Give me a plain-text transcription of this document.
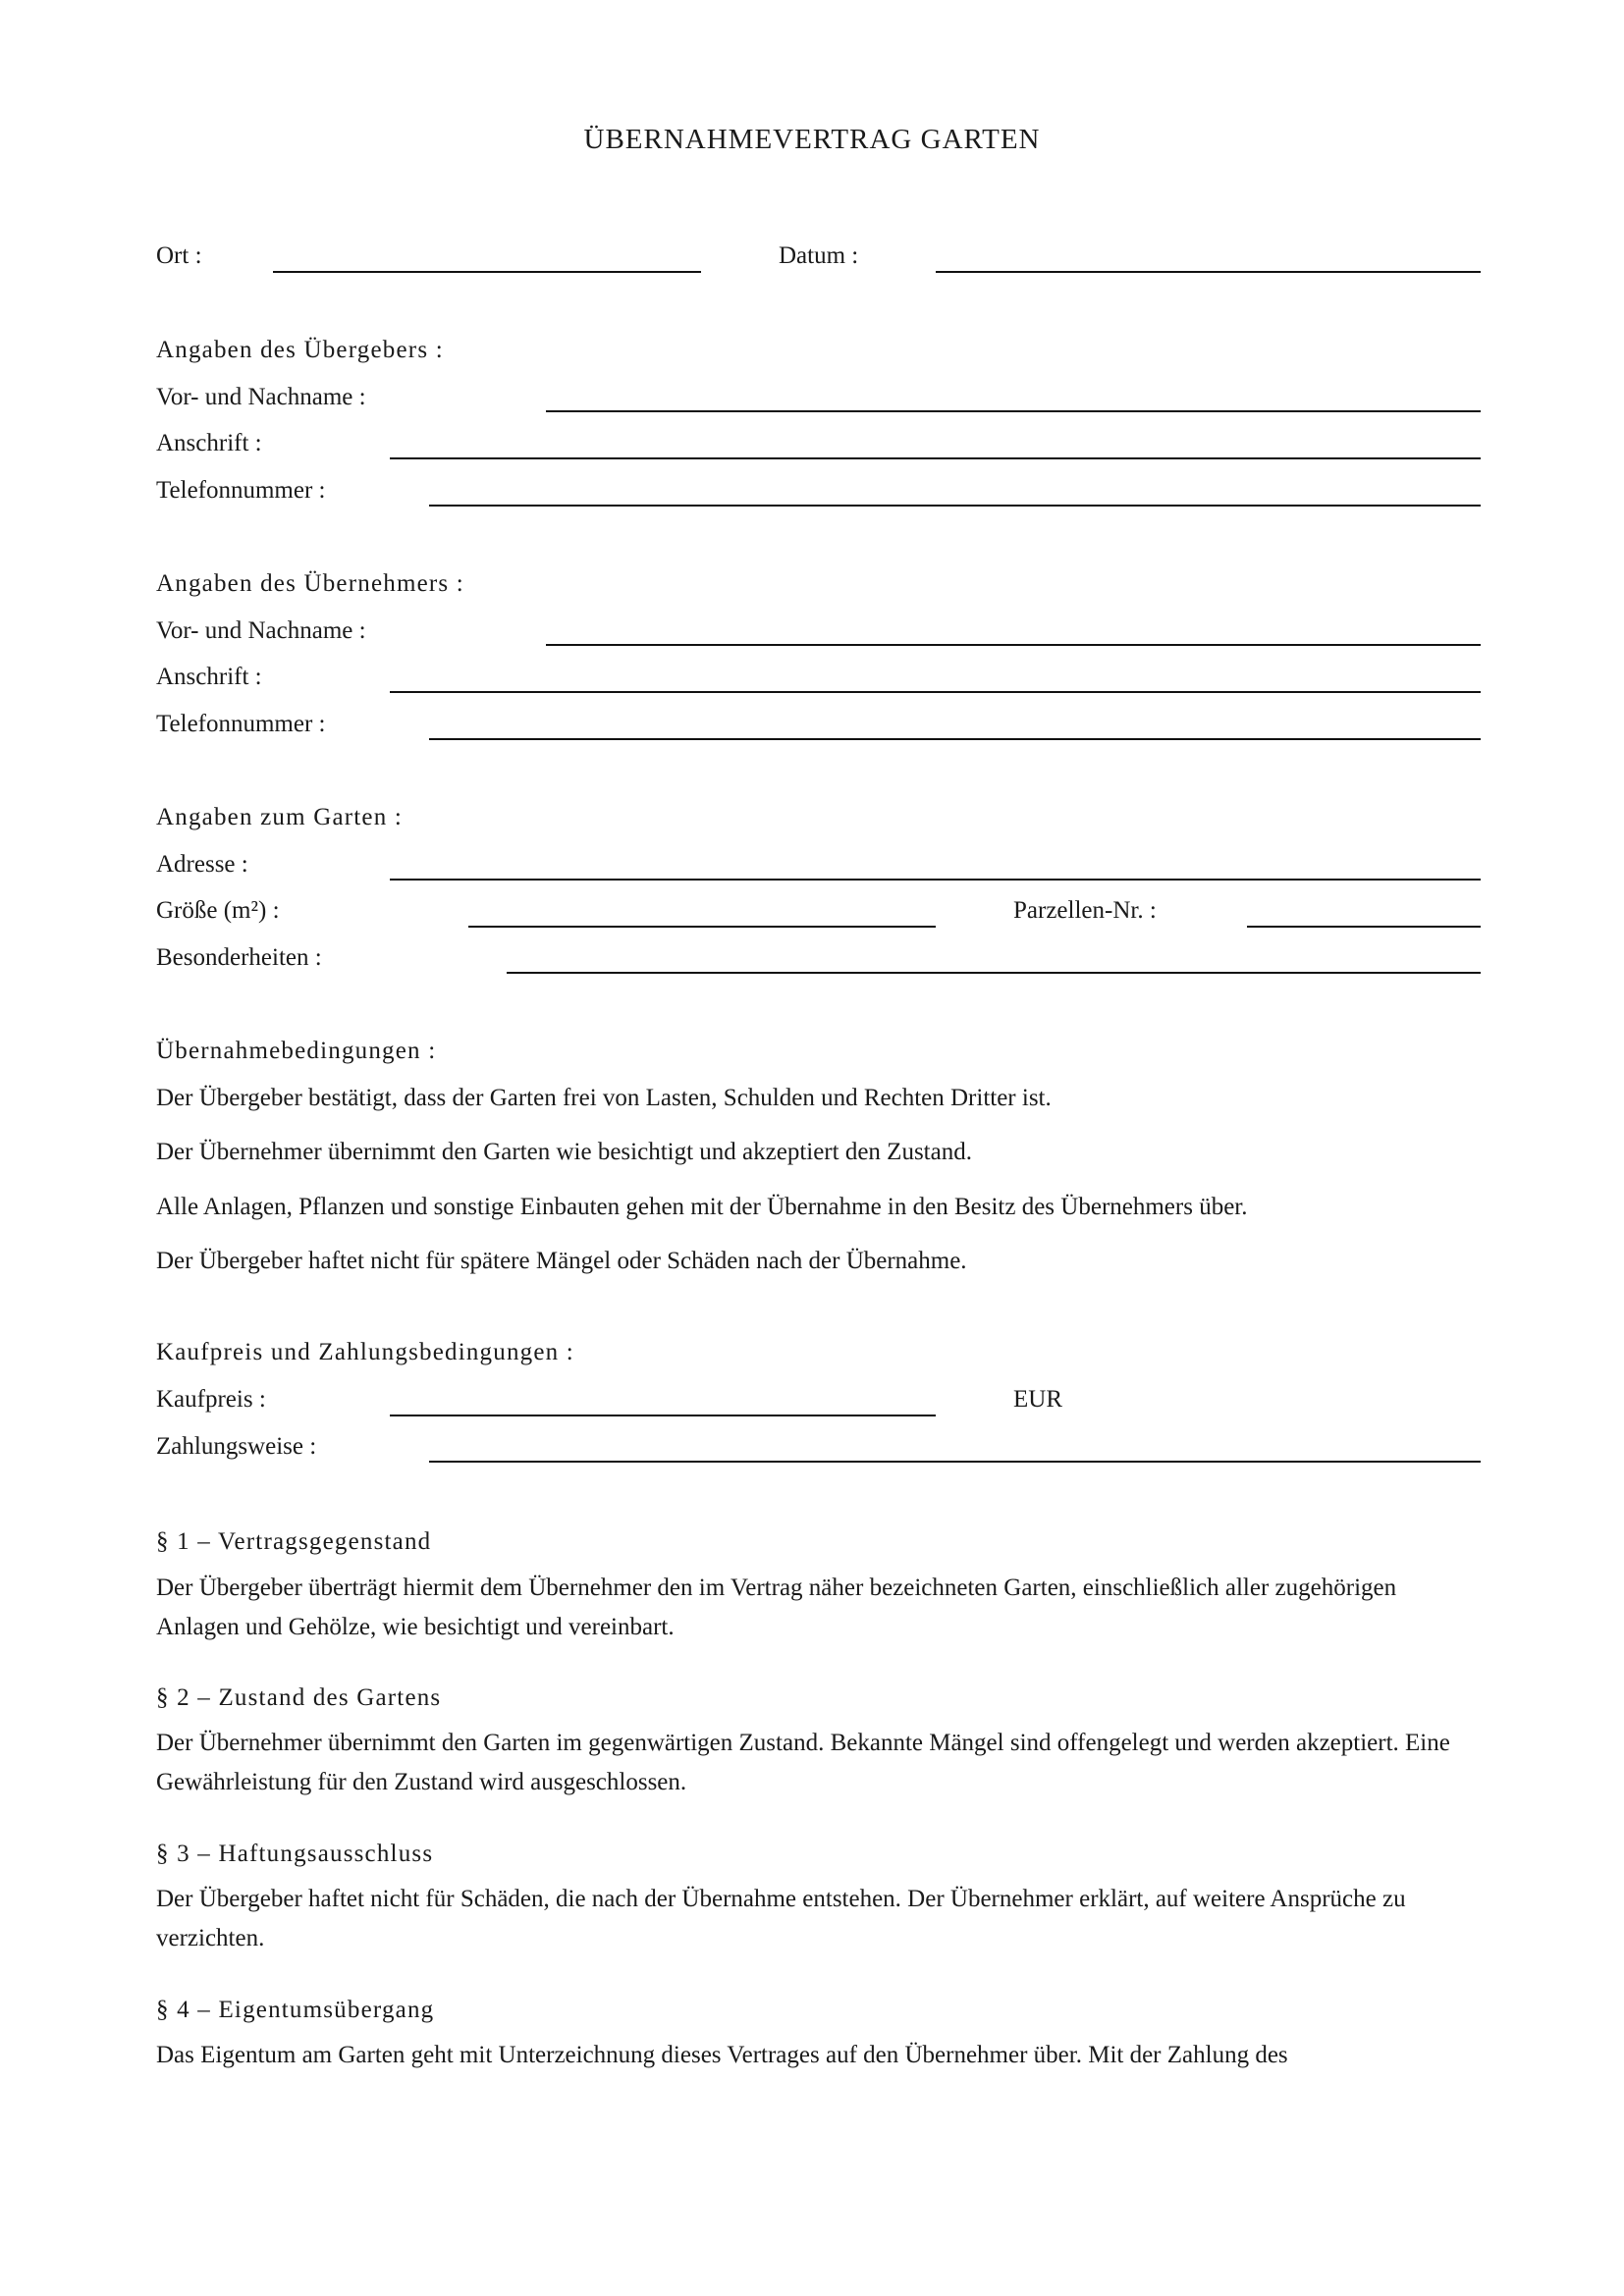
ÜBERNAHMEVERTRAG GARTEN
Ort :	Datum :
Angaben des Übergebers :
Vor- und Nachname :
Anschrift :
Telefonnummer :
Angaben des Übernehmers :
Vor- und Nachname :
Anschrift :
Telefonnummer :
Angaben zum Garten :
Adresse :
Größe (m²) :	Parzellen-Nr. :
Besonderheiten :
Übernahmebedingungen :
Der Übergeber bestätigt, dass der Garten frei von Lasten, Schulden und Rechten Dritter ist.
Der Übernehmer übernimmt den Garten wie besichtigt und akzeptiert den Zustand.
Alle Anlagen, Pflanzen und sonstige Einbauten gehen mit der Übernahme in den Besitz des Übernehmers über.
Der Übergeber haftet nicht für spätere Mängel oder Schäden nach der Übernahme.
Kaufpreis und Zahlungsbedingungen :
Kaufpreis :	EUR
Zahlungsweise :
§ 1 – Vertragsgegenstand
Der Übergeber überträgt hiermit dem Übernehmer den im Vertrag näher bezeichneten Garten, einschließlich aller zugehörigen Anlagen und Gehölze, wie besichtigt und vereinbart.
§ 2 – Zustand des Gartens
Der Übernehmer übernimmt den Garten im gegenwärtigen Zustand. Bekannte Mängel sind offengelegt und werden akzeptiert. Eine Gewährleistung für den Zustand wird ausgeschlossen.
§ 3 – Haftungsausschluss
Der Übergeber haftet nicht für Schäden, die nach der Übernahme entstehen. Der Übernehmer erklärt, auf weitere Ansprüche zu verzichten.
§ 4 – Eigentumsübergang
Das Eigentum am Garten geht mit Unterzeichnung dieses Vertrages auf den Übernehmer über. Mit der Zahlung des
